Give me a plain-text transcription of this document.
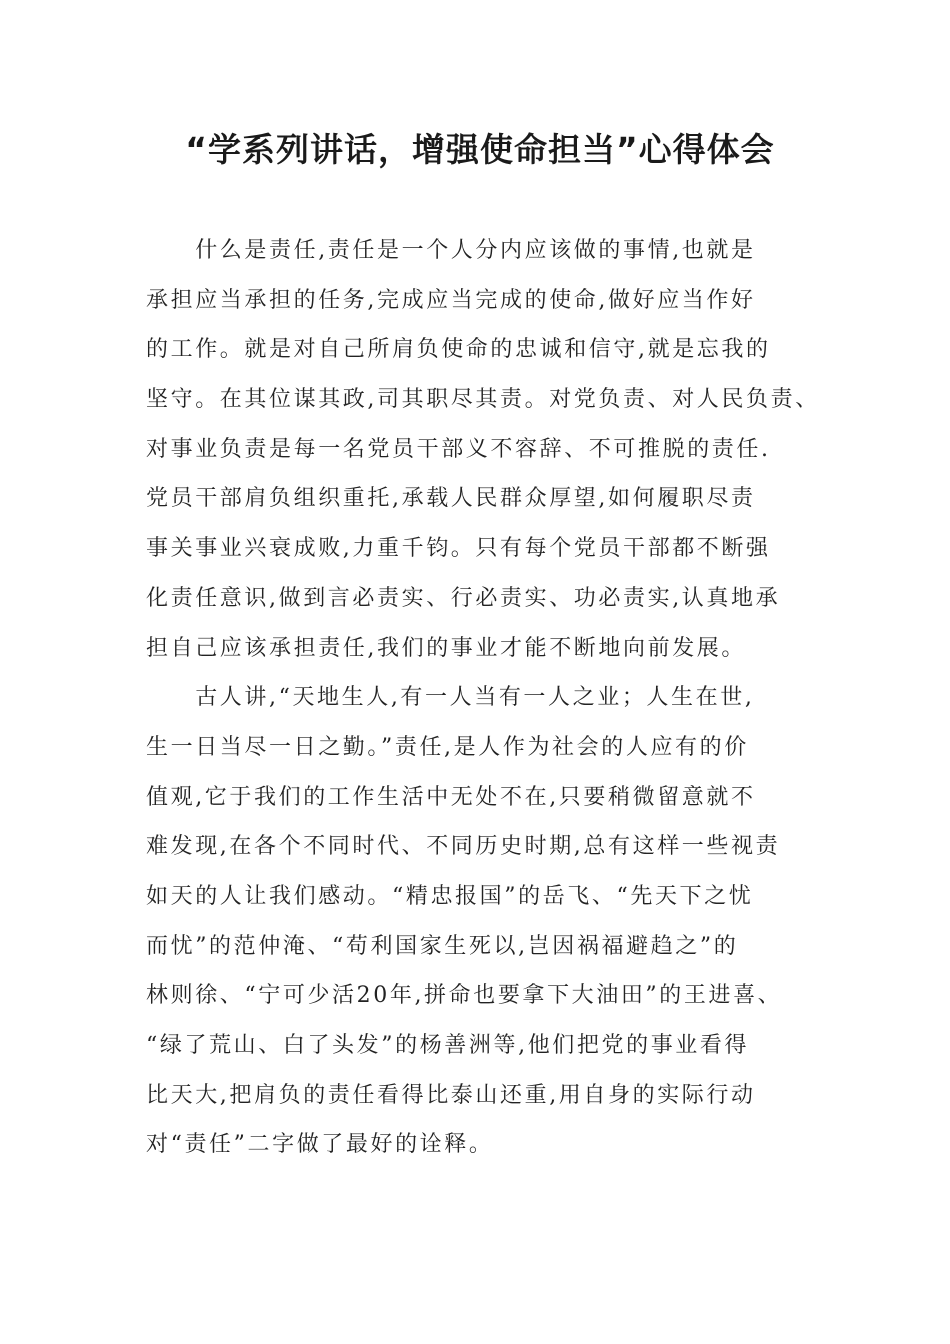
“学系列讲话，增强使命担当”心得体会
　　什么是责任,责任是一个人分内应该做的事情,也就是
承担应当承担的任务,完成应当完成的使命,做好应当作好
的工作。就是对自己所肩负使命的忠诚和信守,就是忘我的
坚守。在其位谋其政,司其职尽其责。对党负责、对人民负责、
对事业负责是每一名党员干部义不容辞、不可推脱的责任.
党员干部肩负组织重托,承载人民群众厚望,如何履职尽责
事关事业兴衰成败,力重千钧。只有每个党员干部都不断强
化责任意识,做到言必责实、行必责实、功必责实,认真地承
担自己应该承担责任,我们的事业才能不断地向前发展。
　　古人讲,“天地生人,有一人当有一人之业；人生在世,
生一日当尽一日之勤。”责任,是人作为社会的人应有的价
值观,它于我们的工作生活中无处不在,只要稍微留意就不
难发现,在各个不同时代、不同历史时期,总有这样一些视责
如天的人让我们感动。“精忠报国”的岳飞、“先天下之忧
而忧”的范仲淹、“苟利国家生死以,岂因祸福避趋之”的
林则徐、“宁可少活20年,拼命也要拿下大油田”的王进喜、
“绿了荒山、白了头发”的杨善洲等,他们把党的事业看得
比天大,把肩负的责任看得比泰山还重,用自身的实际行动
对“责任”二字做了最好的诠释。
